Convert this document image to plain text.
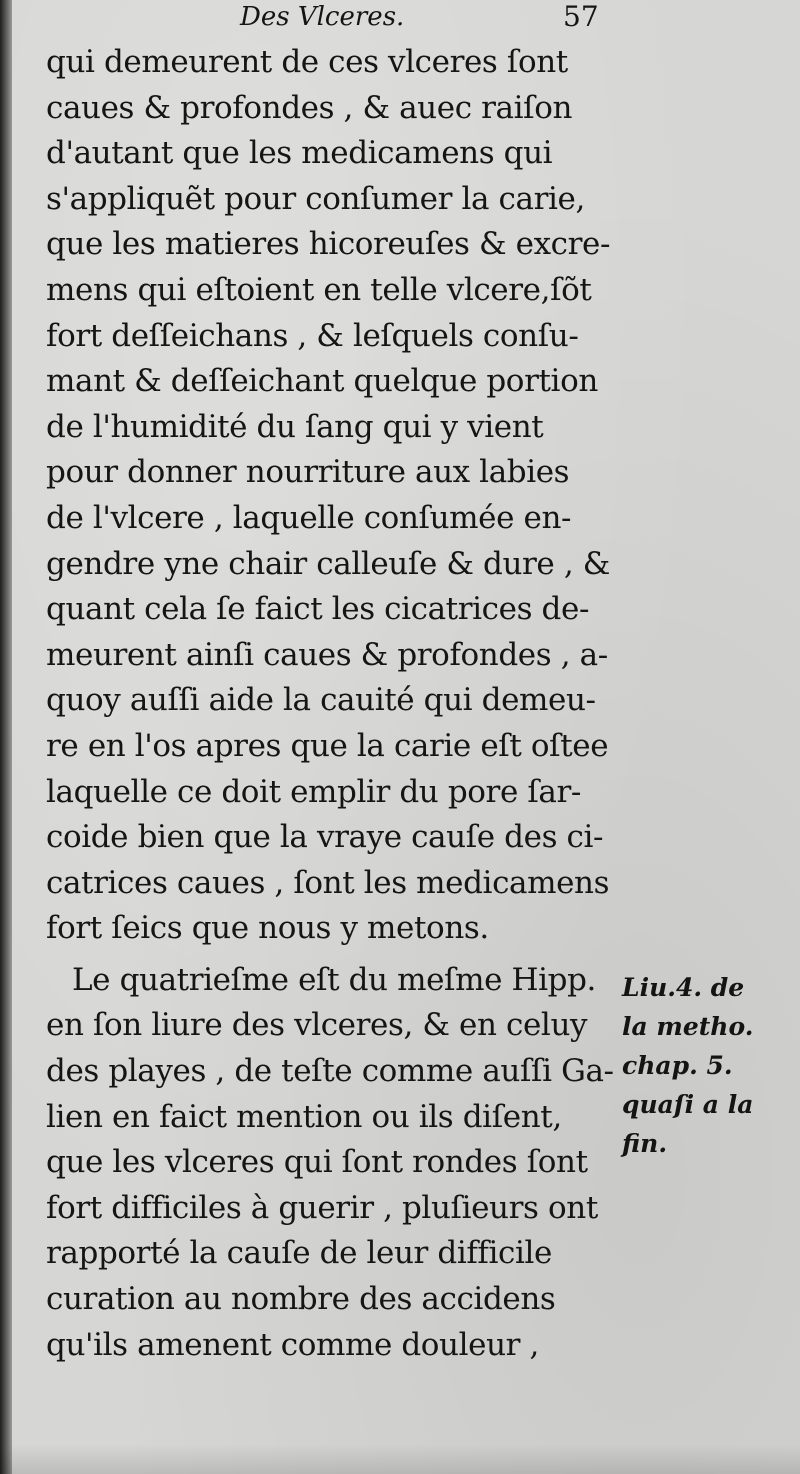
Des Vlceres.	57
qui demeurent de ces vlceres ſont
caues & profondes , & auec raiſon
d'autant que les medicamens qui
s'appliquẽt pour conſumer la carie,
que les matieres hicoreuſes & excre-
mens qui eſtoient en telle vlcere,ſõt
fort deſſeichans , & leſquels conſu-
mant & deſſeichant quelque portion
de l'humidité du ſang qui y vient
pour donner nourriture aux labies
de l'vlcere , laquelle conſumée en-
gendre yne chair calleuſe & dure , &
quant cela ſe faict les cicatrices de-
meurent ainſi caues & profondes , a-
quoy auſſi aide la cauité qui demeu-
re en l'os apres que la carie eſt oſtee
laquelle ce doit emplir du pore ſar-
coide bien que la vraye cauſe des ci-
catrices caues , ſont les medicamens
fort ſeics que nous y metons.
Le quatrieſme eſt du meſme Hipp.
en ſon liure des vlceres, & en celuy
des playes , de teſte comme auſſi Ga-
lien en faict mention ou ils diſent,
que les vlceres qui ſont rondes ſont
fort difficiles à guerir , pluſieurs ont
rapporté la cauſe de leur difficile
curation au nombre des accidens
qu'ils amenent comme douleur ,
Liu.4. de
la metho.
chap. 5.
quaſi a la
fin.
